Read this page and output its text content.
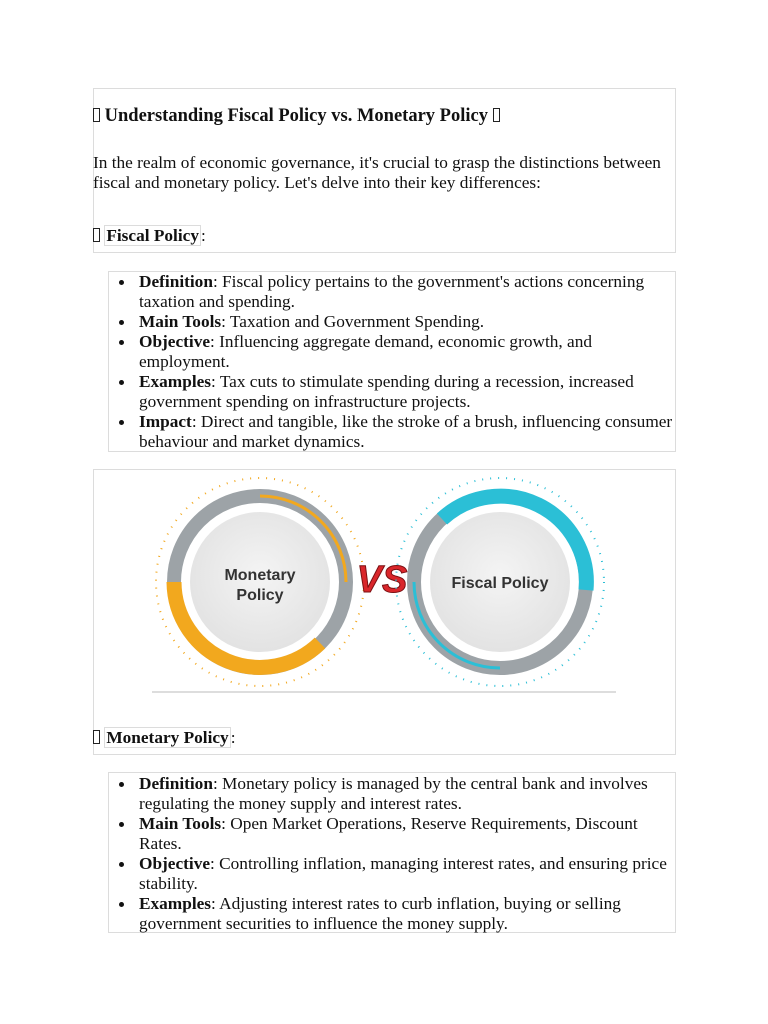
Understanding Fiscal Policy vs. Monetary Policy

In the realm of economic governance, it's crucial to grasp the distinctions between fiscal and monetary policy. Let's delve into their key differences:

Fiscal Policy :

Definition: Fiscal policy pertains to the government's actions concerning taxation and spending.
Main Tools: Taxation and Government Spending.
Objective: Influencing aggregate demand, economic growth, and employment.
Examples: Tax cuts to stimulate spending during a recession, increased government spending on infrastructure projects.
Impact: Direct and tangible, like the stroke of a brush, influencing consumer behaviour and market dynamics.
Monetary
Policy VS	Fiscal Policy

Monetary Policy :

Definition: Monetary policy is managed by the central bank and involves regulating the money supply and interest rates.
Main Tools: Open Market Operations, Reserve Requirements, Discount Rates.
Objective: Controlling inflation, managing interest rates, and ensuring price stability.
Examples: Adjusting interest rates to curb inflation, buying or selling government securities to influence the money supply.
